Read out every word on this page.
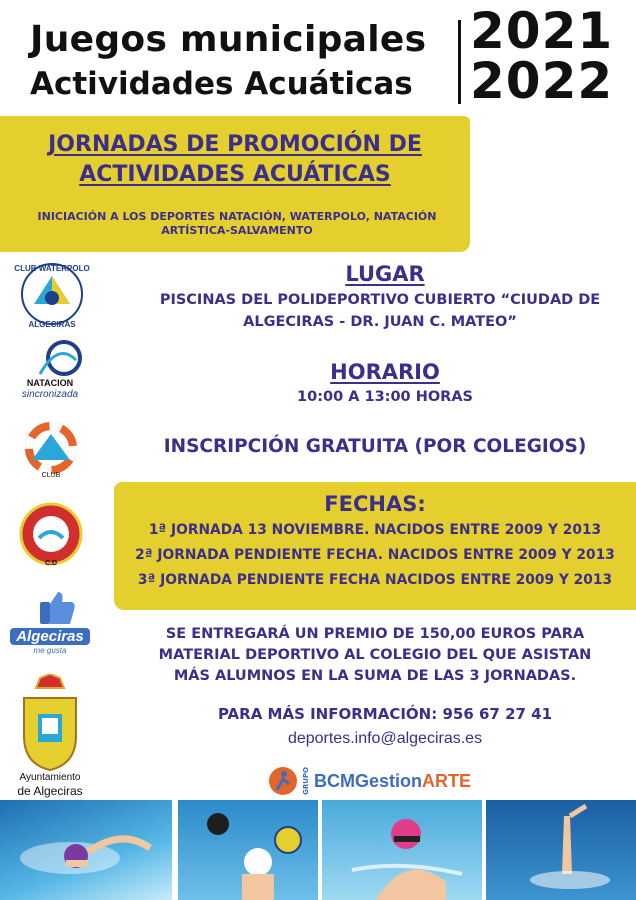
Juegos municipales
Actividades Acuáticas
2021
2022
JORNADAS DE PROMOCIÓN DE
ACTIVIDADES ACUÁTICAS
INICIACIÓN A LOS DEPORTES NATACIÓN, WATERPOLO, NATACIÓN
ARTÍSTICA-SALVAMENTO
LUGAR
PISCINAS DEL POLIDEPORTIVO CUBIERTO “CIUDAD DE
ALGECIRAS - DR. JUAN C. MATEO”
HORARIO
10:00 A 13:00 HORAS
INSCRIPCIÓN GRATUITA (POR COLEGIOS)
FECHAS:
1ª JORNADA 13 NOVIEMBRE. NACIDOS ENTRE 2009 Y 2013
2ª JORNADA PENDIENTE FECHA. NACIDOS ENTRE 2009 Y 2013
3ª JORNADA PENDIENTE FECHA NACIDOS ENTRE 2009 Y 2013
SE ENTREGARÁ UN PREMIO DE 150,00 EUROS PARA
MATERIAL DEPORTIVO AL COLEGIO DEL QUE ASISTAN
MÁS ALUMNOS EN LA SUMA DE LAS 3 JORNADAS.
PARA MÁS INFORMACIÓN: 956 67 27 41
deportes.info@algeciras.es
CLUB WATERPOLO
ALGECIRAS
NATACION
sincronizada
CLUB
C.D
Algeciras
me gusta
Ayuntamiento
de Algeciras	GRUPO BCMGestion ARTE
